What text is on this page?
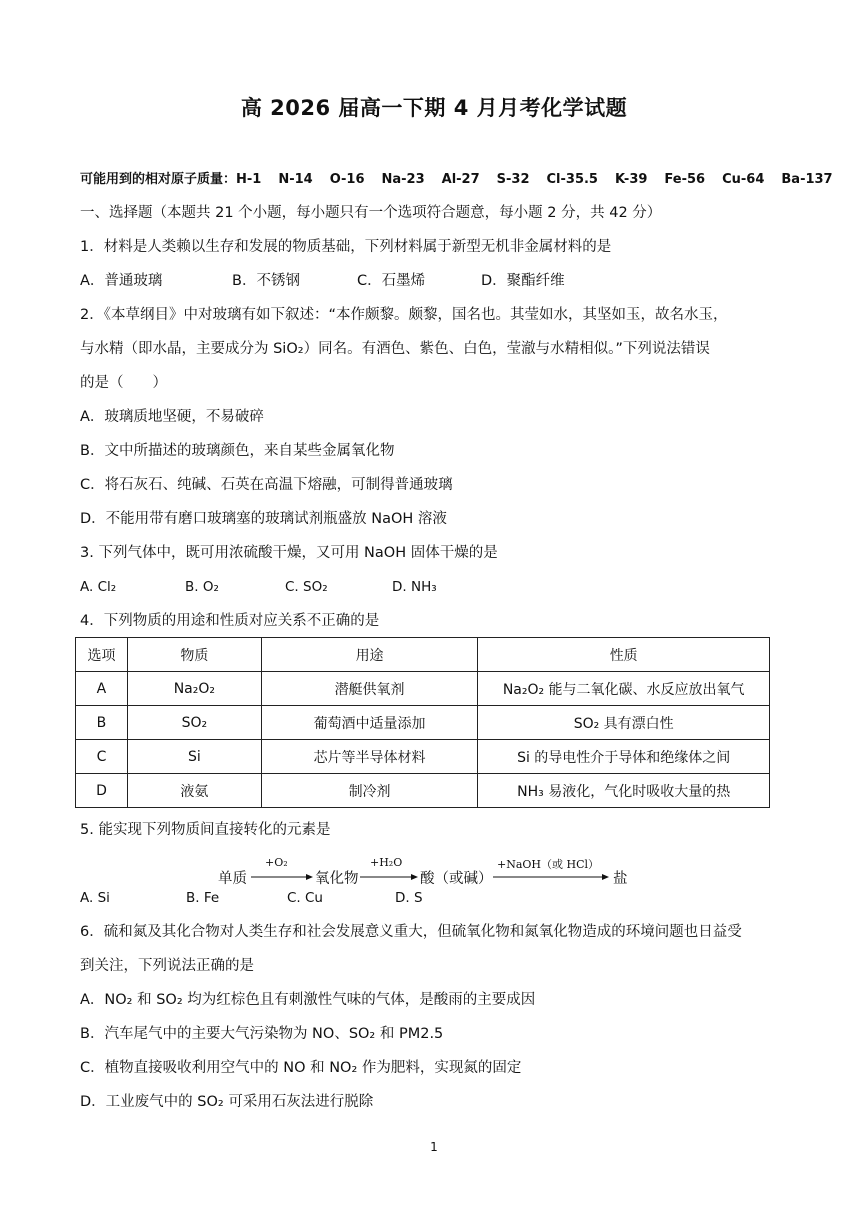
高 2026 届高一下期 4 月月考化学试题
可能用到的相对原子质量：H-1 N-14 O-16 Na-23 Al-27 S-32 Cl-35.5 K-39 Fe-56 Cu-64 Ba-137
一、选择题（本题共 21 个小题，每小题只有一个选项符合题意，每小题 2 分，共 42 分）
1．材料是人类赖以生存和发展的物质基础，下列材料属于新型无机非金属材料的是
A．普通玻璃	B．不锈钢	C．石墨烯	D．聚酯纤维
2．《本草纲目》中对玻璃有如下叙述：“本作颇黎。颇黎，国名也。其莹如水，其坚如玉，故名水玉，
与水精（即水晶，主要成分为 SiO₂）同名。有酒色、紫色、白色，莹澈与水精相似。”下列说法错误
的是（　　）
A．玻璃质地坚硬，不易破碎
B．文中所描述的玻璃颜色，来自某些金属氧化物
C．将石灰石、纯碱、石英在高温下熔融，可制得普通玻璃
D．不能用带有磨口玻璃塞的玻璃试剂瓶盛放 NaOH 溶液
3. 下列气体中，既可用浓硫酸干燥，又可用 NaOH 固体干燥的是
A. Cl₂	B. O₂	C. SO₂	D. NH₃
4．下列物质的用途和性质对应关系不正确的是
选项	物质	用途	性质
A	Na₂O₂	潜艇供氧剂	Na₂O₂ 能与二氧化碳、水反应放出氧气
B	SO₂	葡萄酒中适量添加	SO₂ 具有漂白性
C	Si	芯片等半导体材料	Si 的导电性介于导体和绝缘体之间
D	液氨	制冷剂	NH₃ 易液化，气化时吸收大量的热
5. 能实现下列物质间直接转化的元素是
单质
+O₂
氧化物
+H₂O
酸（或碱）
+NaOH（或 HCl）
盐
A. Si	B. Fe	C. Cu	D. S
6．硫和氮及其化合物对人类生存和社会发展意义重大，但硫氧化物和氮氧化物造成的环境问题也日益受
到关注，下列说法正确的是
A．NO₂ 和 SO₂ 均为红棕色且有刺激性气味的气体，是酸雨的主要成因
B．汽车尾气中的主要大气污染物为 NO、SO₂ 和 PM2.5
C．植物直接吸收利用空气中的 NO 和 NO₂ 作为肥料，实现氮的固定
D．工业废气中的 SO₂ 可采用石灰法进行脱除
1
